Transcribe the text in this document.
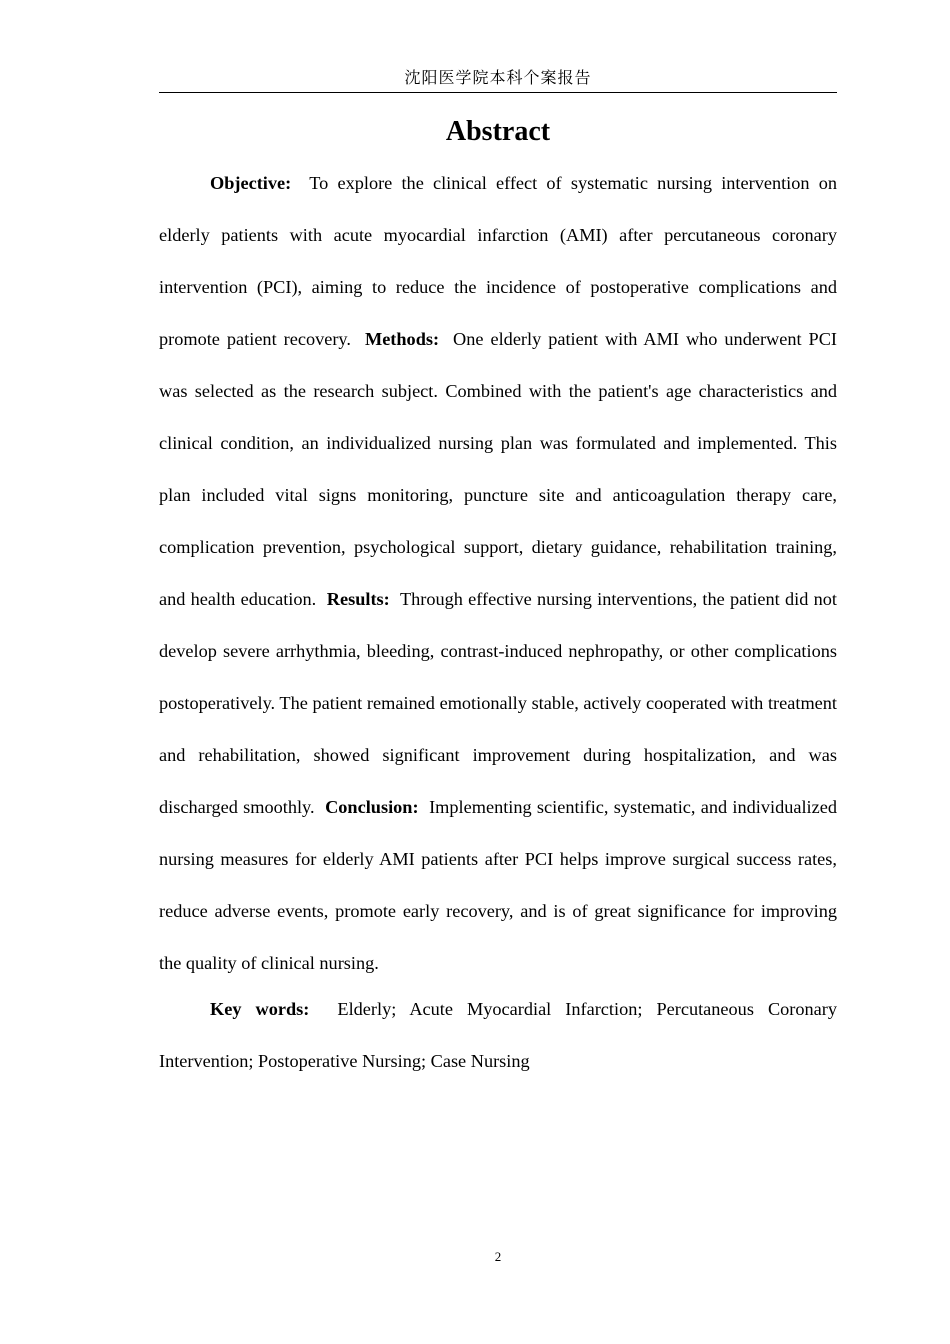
沈阳医学院本科个案报告
Abstract

Objective: To explore the clinical effect of systematic nursing intervention on elderly patients with acute myocardial infarction (AMI) after percutaneous coronary intervention (PCI), aiming to reduce the incidence of postoperative complications and promote patient recovery. Methods: One elderly patient with AMI who underwent PCI was selected as the research subject. Combined with the patient's age characteristics and clinical condition, an individualized nursing plan was formulated and implemented. This plan included vital signs monitoring, puncture site and anticoagulation therapy care, complication prevention, psychological support, dietary guidance, rehabilitation training, and health education. Results: Through effective nursing interventions, the patient did not develop severe arrhythmia, bleeding, contrast-induced nephropathy, or other complications postoperatively. The patient remained emotionally stable, actively cooperated with treatment and rehabilitation, showed significant improvement during hospitalization, and was discharged smoothly. Conclusion: Implementing scientific, systematic, and individualized nursing measures for elderly AMI patients after PCI helps improve surgical success rates, reduce adverse events, promote early recovery, and is of great significance for improving the quality of clinical nursing.

Key words: Elderly; Acute Myocardial Infarction; Percutaneous Coronary Intervention; Postoperative Nursing; Case Nursing

2
